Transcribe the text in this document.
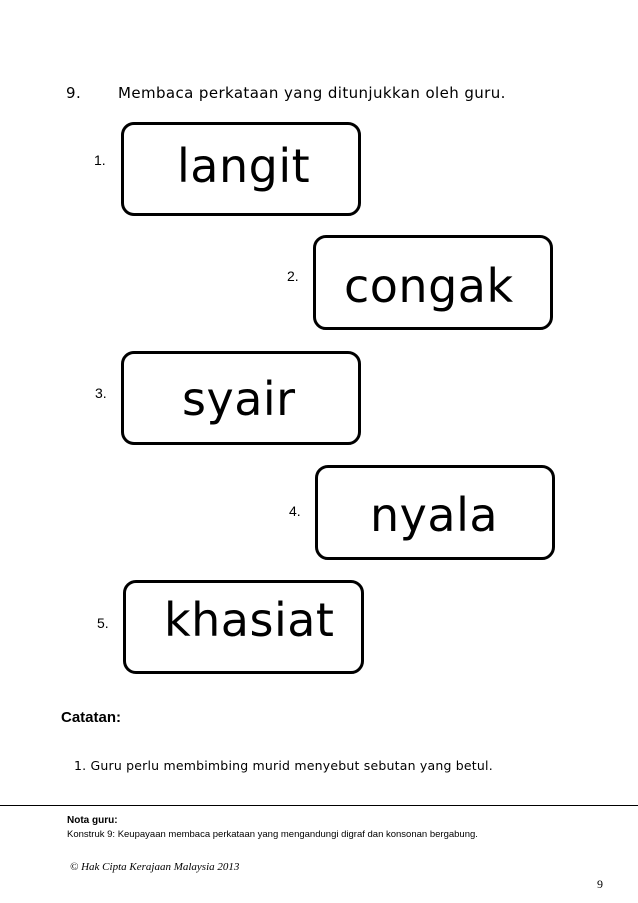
9. Membaca perkataan yang ditunjukkan oleh guru.
1. langit
2. congak
3. syair
4. nyala
5. khasiat
Catatan:
1. Guru perlu membimbing murid menyebut sebutan yang betul.
Nota guru:
Konstruk 9: Keupayaan membaca perkataan yang mengandungi digraf dan konsonan bergabung.
© Hak Cipta Kerajaan Malaysia 2013
9
